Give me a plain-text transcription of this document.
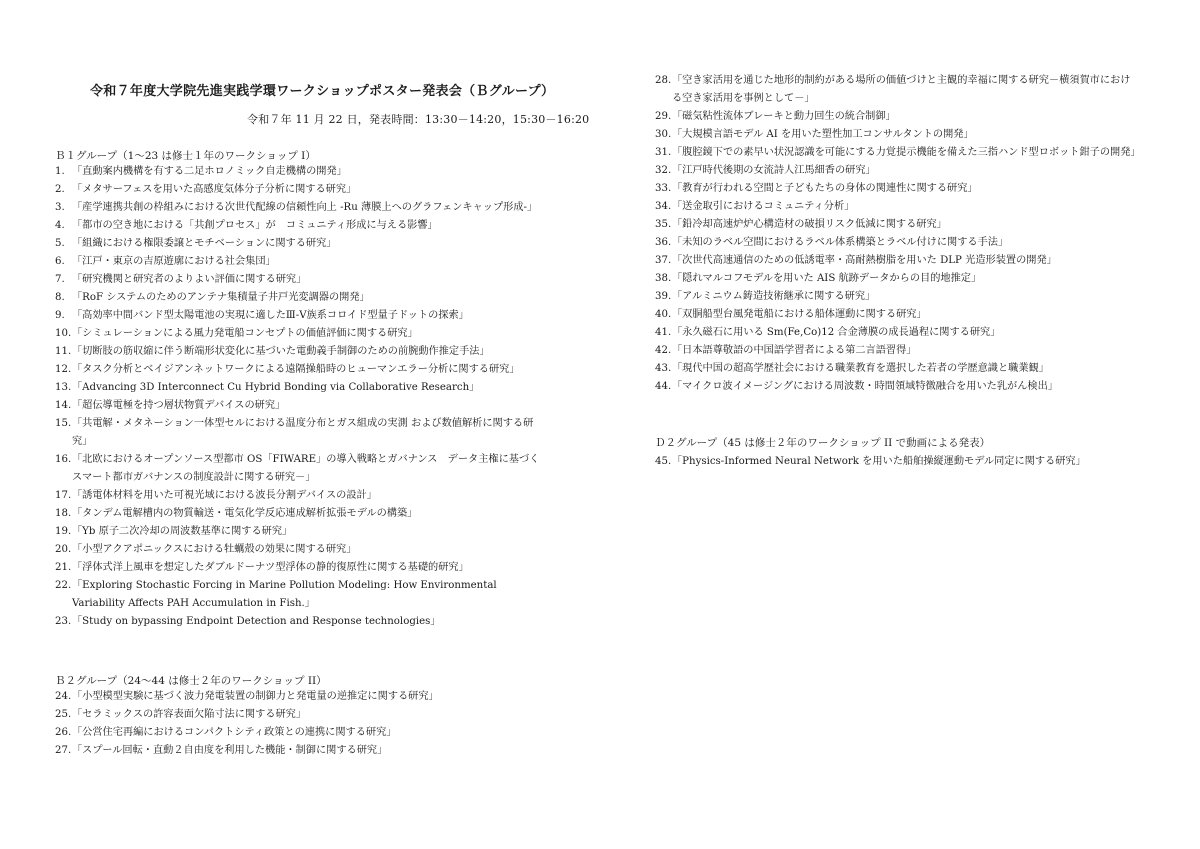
令和７年度大学院先進実践学環ワークショップポスター発表会（Ｂグループ）
令和７年 11 月 22 日，発表時間：13:30－14:20，15:30－16:20
Ｂ１グループ（1～23 は修士１年のワークショップ I）
1. 「直動案内機構を有する二足ホロノミック自走機構の開発」
2. 「メタサーフェスを用いた高感度気体分子分析に関する研究」
3. 「産学連携共創の枠組みにおける次世代配線の信頼性向上 -Ru 薄膜上へのグラフェンキャップ形成-」
4. 「都市の空き地における「共創プロセス」が　コミュニティ形成に与える影響」
5. 「組織における権限委譲とモチベーションに関する研究」
6. 「江戸・東京の吉原遊廓における社会集団」
7. 「研究機関と研究者のよりよい評価に関する研究」
8. 「RoF システムのためのアンテナ集積量子井戸光変調器の開発」
9. 「高効率中間バンド型太陽電池の実現に適したⅢ-Ⅴ族系コロイド型量子ドットの探索」
10. 「シミュレーションによる風力発電船コンセプトの価値評価に関する研究」
11. 「切断肢の筋収縮に伴う断端形状変化に基づいた電動義手制御のための前腕動作推定手法」
12. 「タスク分析とベイジアンネットワークによる遠隔操船時のヒューマンエラー分析に関する研究」
13. 「Advancing 3D Interconnect Cu Hybrid Bonding via Collaborative Research」
14. 「超伝導電極を持つ層状物質デバイスの研究」
15. 「共電解・メタネーション一体型セルにおける温度分布とガス組成の実測 および数値解析に関する研究」
16. 「北欧におけるオープンソース型都市 OS「FIWARE」の導入戦略とガバナンス　データ主権に基づくスマート都市ガバナンスの制度設計に関する研究－」
17. 「誘電体材料を用いた可視光域における波長分割デバイスの設計」
18. 「タンデム電解槽内の物質輸送・電気化学反応連成解析拡張モデルの構築」
19. 「Yb 原子二次冷却の周波数基準に関する研究」
20. 「小型アクアポニックスにおける牡蠣殻の効果に関する研究」
21. 「浮体式洋上風車を想定したダブルドーナツ型浮体の静的復原性に関する基礎的研究」
22. 「Exploring Stochastic Forcing in Marine Pollution Modeling: How Environmental Variability Affects PAH Accumulation in Fish.」
23. 「Study on bypassing Endpoint Detection and Response technologies」
Ｂ２グループ（24～44 は修士２年のワークショップ II）
24. 「小型模型実験に基づく波力発電装置の制御力と発電量の逆推定に関する研究」
25. 「セラミックスの許容表面欠陥寸法に関する研究」
26. 「公営住宅再編におけるコンパクトシティ政策との連携に関する研究」
27. 「スプール回転・直動２自由度を利用した機能・制御に関する研究」
28. 「空き家活用を通じた地形的制約がある場所の価値づけと主観的幸福に関する研究－横須賀市における空き家活用を事例として－」
29. 「磁気粘性流体ブレーキと動力回生の統合制御」
30. 「大規模言語モデル AI を用いた塑性加工コンサルタントの開発」
31. 「腹腔鏡下での素早い状況認識を可能にする力覚提示機能を備えた三指ハンド型ロボット鉗子の開発」
32. 「江戸時代後期の女流詩人江馬細香の研究」
33. 「教育が行われる空間と子どもたちの身体の関連性に関する研究」
34. 「送金取引におけるコミュニティ分析」
35. 「鉛冷却高速炉炉心構造材の破損リスク低減に関する研究」
36. 「未知のラベル空間におけるラベル体系構築とラベル付けに関する手法」
37. 「次世代高速通信のための低誘電率・高耐熱樹脂を用いた DLP 光造形装置の開発」
38. 「隠れマルコフモデルを用いた AIS 航跡データからの目的地推定」
39. 「アルミニウム鋳造技術継承に関する研究」
40. 「双胴船型台風発電船における船体運動に関する研究」
41. 「永久磁石に用いる Sm(Fe,Co)12 合金薄膜の成長過程に関する研究」
42. 「日本語尊敬語の中国語学習者による第二言語習得」
43. 「現代中国の超高学歴社会における職業教育を選択した若者の学歴意識と職業観」
44. 「マイクロ波イメージングにおける周波数・時間領域特徴融合を用いた乳がん検出」
Ｄ２グループ（45 は修士２年のワークショップ II で動画による発表）
45. 「Physics-Informed Neural Network を用いた船舶操縦運動モデル同定に関する研究」
